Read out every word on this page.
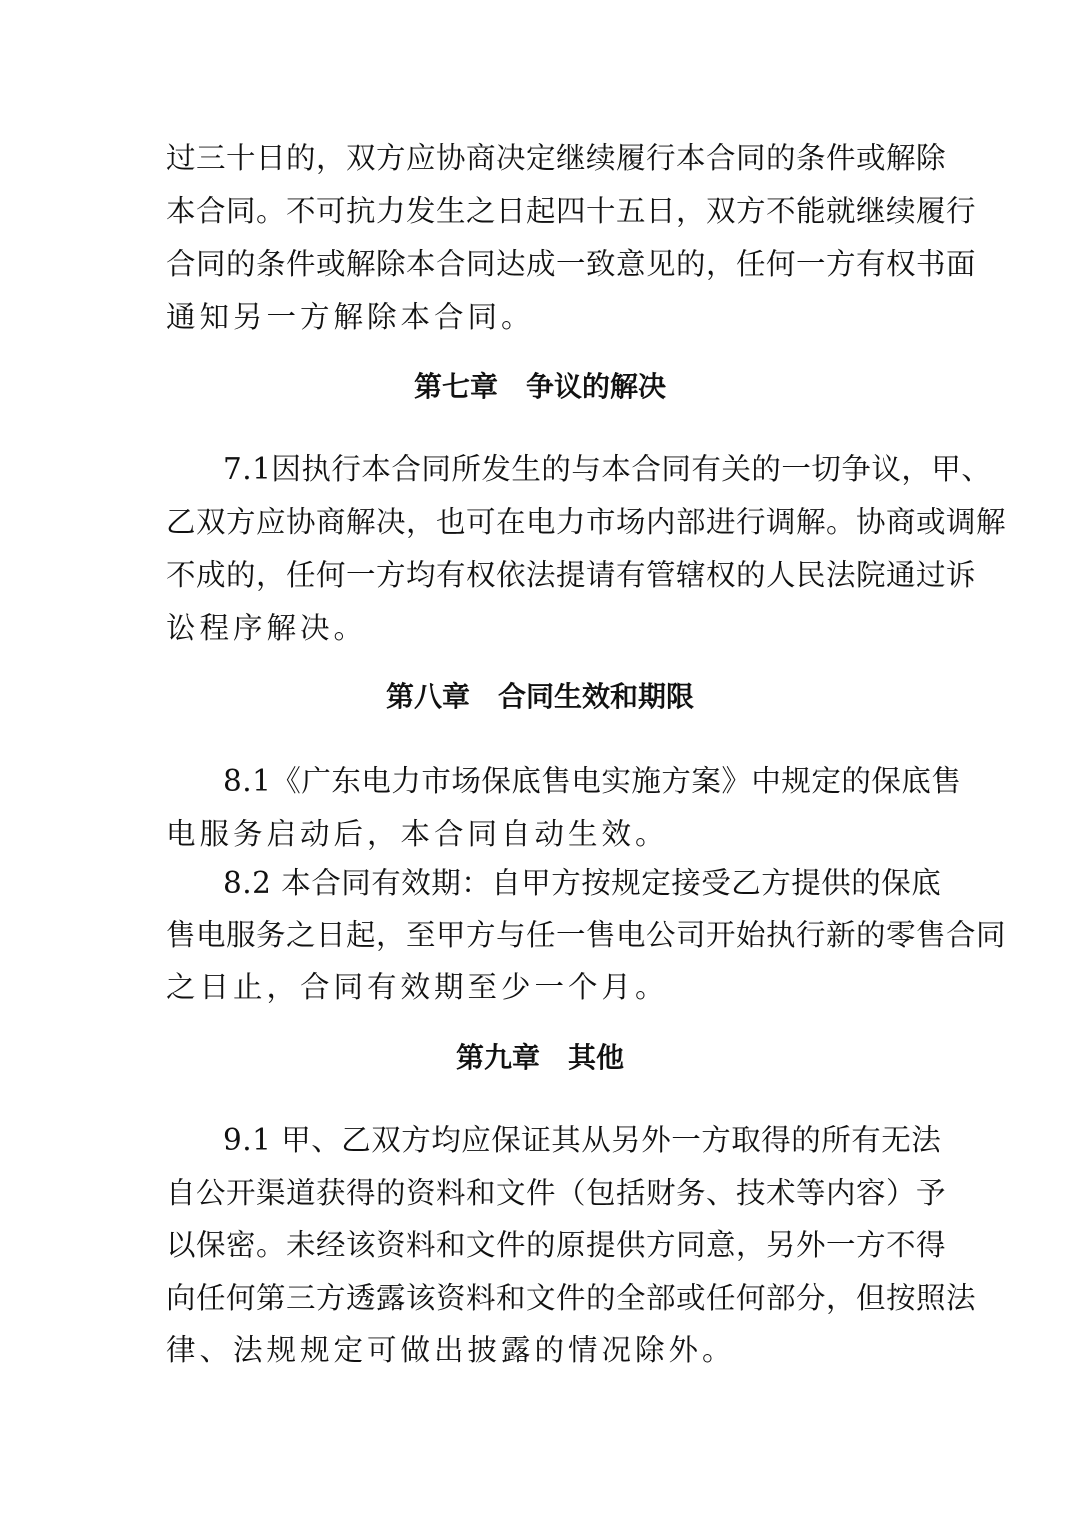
过三十日的，双方应协商决定继续履行本合同的条件或解除
本合同。不可抗力发生之日起四十五日，双方不能就继续履行
合同的条件或解除本合同达成一致意见的，任何一方有权书面
通知另一方解除本合同。
第七章　争议的解决
7.1因执行本合同所发生的与本合同有关的一切争议，甲、
乙双方应协商解决，也可在电力市场内部进行调解。协商或调解
不成的，任何一方均有权依法提请有管辖权的人民法院通过诉
讼程序解决。
第八章　合同生效和期限
8.1《广东电力市场保底售电实施方案》中规定的保底售
电服务启动后，本合同自动生效。
8.2 本合同有效期：自甲方按规定接受乙方提供的保底
售电服务之日起，至甲方与任一售电公司开始执行新的零售合同
之日止，合同有效期至少一个月。
第九章　其他
9.1 甲、乙双方均应保证其从另外一方取得的所有无法
自公开渠道获得的资料和文件（包括财务、技术等内容）予
以保密。未经该资料和文件的原提供方同意，另外一方不得
向任何第三方透露该资料和文件的全部或任何部分，但按照法
律、法规规定可做出披露的情况除外。
